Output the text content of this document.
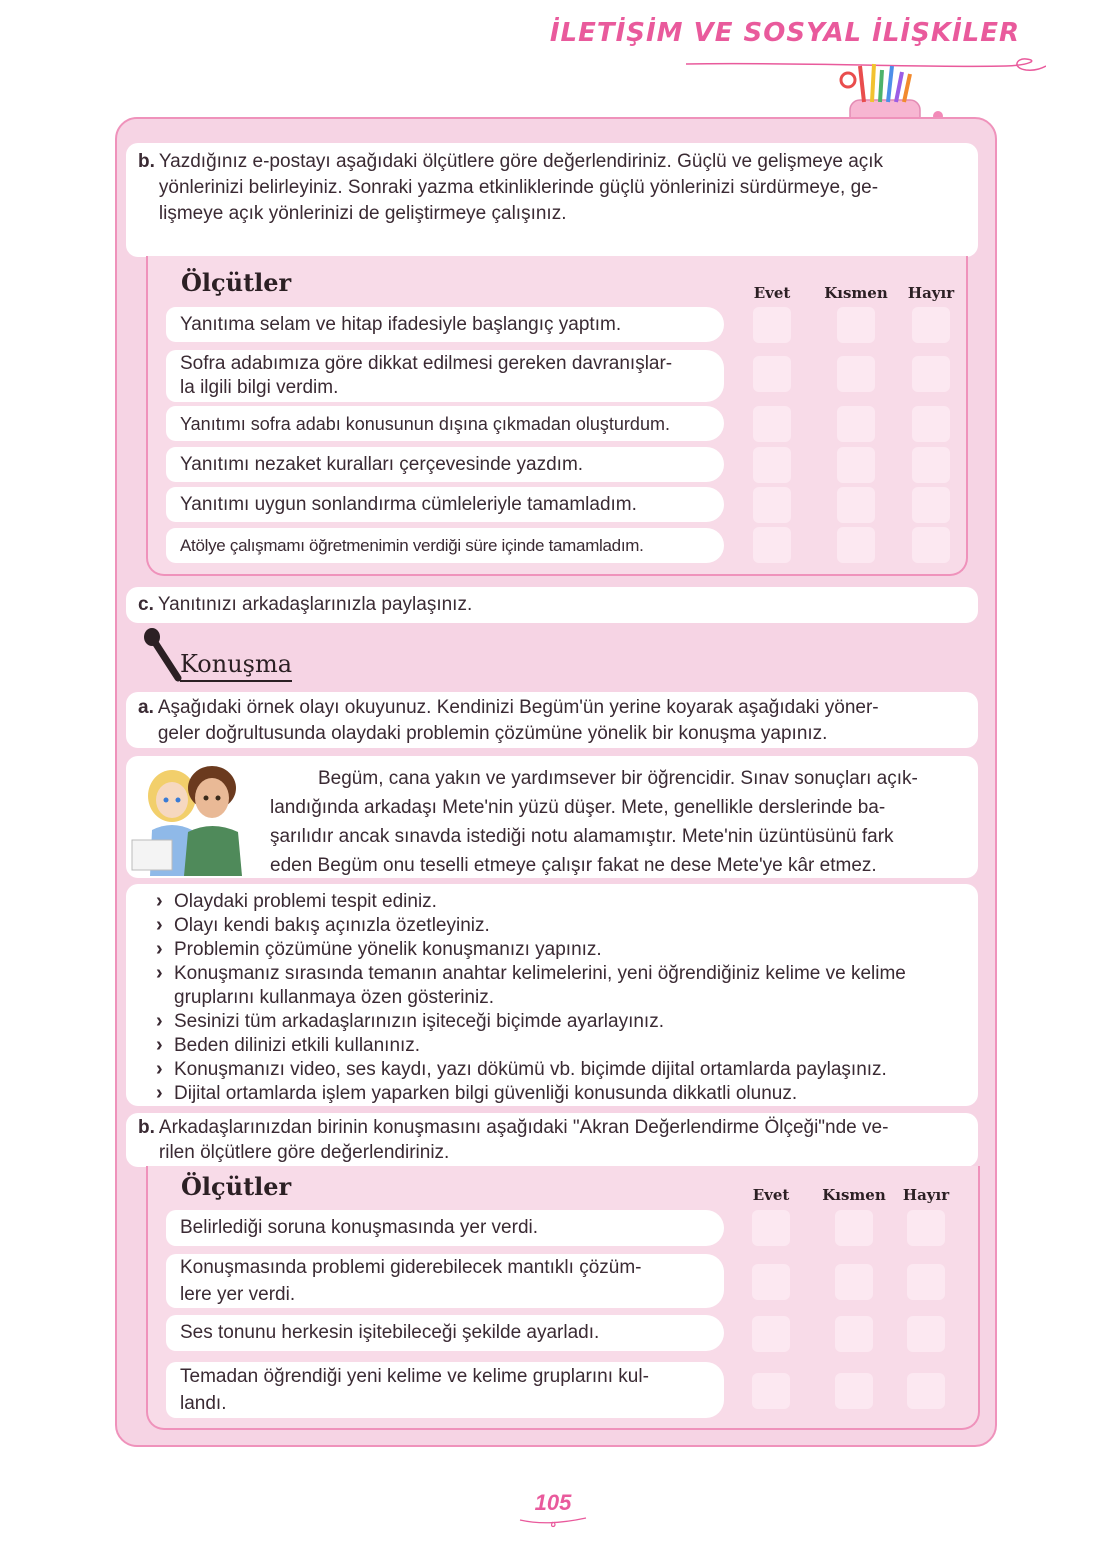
İLETİŞİM VE SOSYAL İLİŞKİLER
b. Yazdığınız e-postayı aşağıdaki ölçütlere göre değerlendiriniz. Güçlü ve gelişmeye açık
yönlerinizi belirleyiniz. Sonraki yazma etkinliklerinde güçlü yönlerinizi sürdürmeye, ge-
lişmeye açık yönlerinizi de geliştirmeye çalışınız.
Ölçütler	Evet	Kısmen	Hayır
Yanıtıma selam ve hitap ifadesiyle başlangıç yaptım.
Sofra adabımıza göre dikkat edilmesi gereken davranışlar-
la ilgili bilgi verdim.
Yanıtımı sofra adabı konusunun dışına çıkmadan oluşturdum.
Yanıtımı nezaket kuralları çerçevesinde yazdım.
Yanıtımı uygun sonlandırma cümleleriyle tamamladım.
Atölye çalışmamı öğretmenimin verdiği süre içinde tamamladım.
c. Yanıtınızı arkadaşlarınızla paylaşınız.
Konuşma
a. Aşağıdaki örnek olayı okuyunuz. Kendinizi Begüm'ün yerine koyarak aşağıdaki yöner-
geler doğrultusunda olaydaki problemin çözümüne yönelik bir konuşma yapınız.
Begüm, cana yakın ve yardımsever bir öğrencidir. Sınav sonuçları açık-
landığında arkadaşı Mete'nin yüzü düşer. Mete, genellikle derslerinde ba-
şarılıdır ancak sınavda istediği notu alamamıştır. Mete'nin üzüntüsünü fark
eden Begüm onu teselli etmeye çalışır fakat ne dese Mete'ye kâr etmez.
› Olaydaki problemi tespit ediniz.
› Olayı kendi bakış açınızla özetleyiniz.
› Problemin çözümüne yönelik konuşmanızı yapınız.
› Konuşmanız sırasında temanın anahtar kelimelerini, yeni öğrendiğiniz kelime ve kelime gruplarını kullanmaya özen gösteriniz.
› Sesinizi tüm arkadaşlarınızın işiteceği biçimde ayarlayınız.
› Beden dilinizi etkili kullanınız.
› Konuşmanızı video, ses kaydı, yazı dökümü vb. biçimde dijital ortamlarda paylaşınız.
› Dijital ortamlarda işlem yaparken bilgi güvenliği konusunda dikkatli olunuz.
b. Arkadaşlarınızdan birinin konuşmasını aşağıdaki "Akran Değerlendirme Ölçeği"nde ve-
rilen ölçütlere göre değerlendiriniz.
Ölçütler	Evet	Kısmen	Hayır
Belirlediği soruna konuşmasında yer verdi.
Konuşmasında problemi giderebilecek mantıklı çözüm-
lere yer verdi.
Ses tonunu herkesin işitebileceği şekilde ayarladı.
Temadan öğrendiği yeni kelime ve kelime gruplarını kul-
landı.
105
